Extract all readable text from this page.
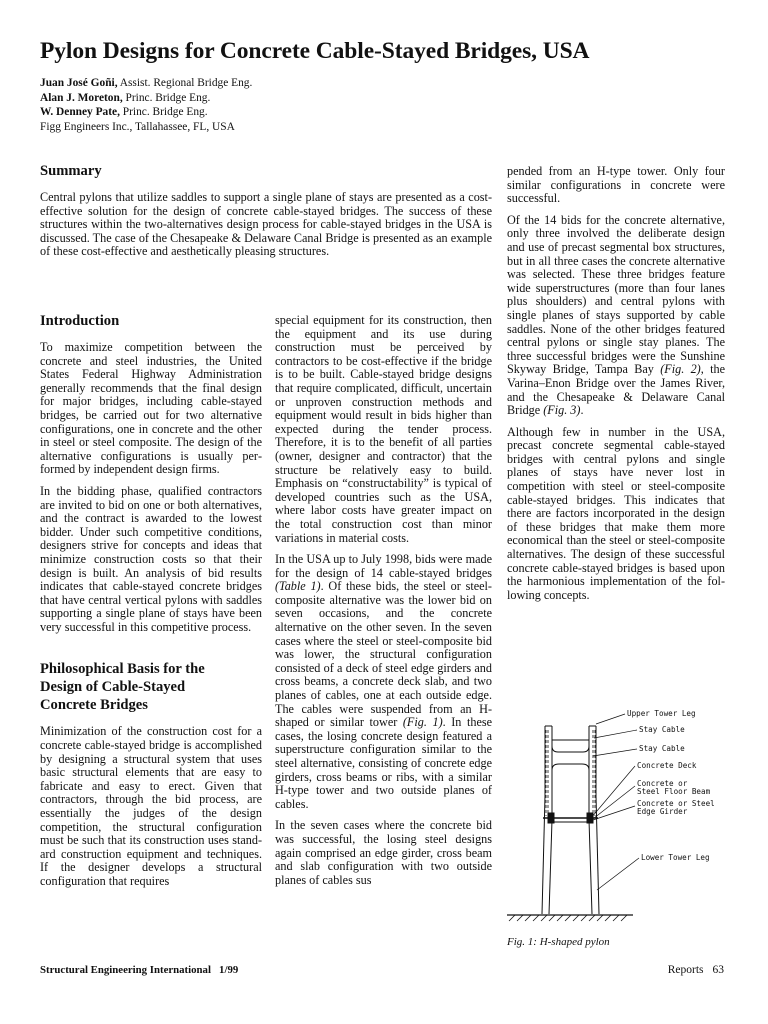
Pylon Designs for Concrete Cable-Stayed Bridges, USA
Juan José Goñi, Assist. Regional Bridge Eng.
Alan J. Moreton, Princ. Bridge Eng.
W. Denney Pate, Princ. Bridge Eng.
Figg Engineers Inc., Tallahassee, FL, USA
Summary

Central pylons that utilize saddles to support a single plane of stays are presented as a cost-effective solution for the design of concrete cable-stayed bridges. The success of these structures within the two-alternatives design process for cable-stayed bridges in the USA is discussed. The case of the Chesapeake & Delaware Canal Bridge is presented as an example of these cost-effective and aesthetically pleasing structures.

Introduction

To maximize competition between the concrete and steel industries, the United States Federal Highway Administration generally recommends that the final design for major bridges, including cable-stayed bridges, be carried out for two alternative configurations, one in concrete and the other in steel or steel composite. The design of the alternative configurations is usually performed by independent design firms.

In the bidding phase, qualified contractors are invited to bid on one or both alternatives, and the contract is awarded to the lowest bidder. Under such competitive conditions, designers strive for concepts and ideas that minimize construction costs so that their design is built. An analysis of bid results indicates that cable-stayed concrete bridges that have central vertical pylons with saddles supporting a single plane of stays have been very successful in this competitive process.

Philosophical Basis for the Design of Cable-Stayed Concrete Bridges

Minimization of the construction cost for a concrete cable-stayed bridge is accomplished by designing a structural system that uses basic structural elements that are easy to fabricate and easy to erect. Given that contractors, through the bid process, are essentially the judges of the design competition, the structural configuration must be such that its construction uses standard construction equipment and techniques. If the designer develops a structural configuration that requires

special equipment for its construction, then the equipment and its use during construction must be perceived by contractors to be cost-effective if the bridge is to be built. Cable-stayed bridge designs that require complicated, difficult, uncertain or unproven construction methods and equipment would result in bids higher than expected during the tender process. Therefore, it is to the benefit of all parties (owner, designer and contractor) that the structure be relatively easy to build. Emphasis on “constructability” is typical of developed countries such as the USA, where labor costs have greater impact on the total construction cost than minor variations in material costs.

In the USA up to July 1998, bids were made for the design of 14 cable-stayed bridges (Table 1). Of these bids, the steel or steel-composite alternative was the lower bid on seven occasions, and the concrete alternative on the other seven. In the seven cases where the steel or steel-composite bid was lower, the structural configuration consisted of a deck of steel edge girders and cross beams, a concrete deck slab, and two planes of cables, one at each outside edge. The cables were suspended from an H-shaped or similar tower (Fig. 1). In these cases, the losing concrete design featured a superstructure configuration similar to the steel alternative, consisting of concrete edge girders, cross beams or ribs, with a similar H-type tower and two outside planes of cables.

In the seven cases where the concrete bid was successful, the losing steel designs again comprised an edge girder, cross beam and slab configuration with two outside planes of cables sus

pended from an H-type tower. Only four similar configurations in concrete were successful.

Of the 14 bids for the concrete alternative, only three involved the deliberate design and use of precast segmental box structures, but in all three cases the concrete alternative was selected. These three bridges feature wide superstructures (more than four lanes plus shoulders) and central pylons with single planes of stays supported by cable saddles. None of the other bridges featured central pylons or single stay planes. The three successful bridges were the Sunshine Skyway Bridge, Tampa Bay (Fig. 2), the Varina–Enon Bridge over the James River, and the Chesapeake & Delaware Canal Bridge (Fig. 3).

Although few in number in the USA, precast concrete segmental cable-stayed bridges with central pylons and single planes of stays have never lost in competition with steel or steel-composite cable-stayed bridges. This indicates that there are factors incorporated in the design of these bridges that make them more economical than the steel or steel-composite alternatives. The design of these successful concrete cable-stayed bridges is based upon the harmonious implementation of the following concepts.

Upper Tower Leg
Stay Cable
Stay Cable
Concrete Deck
Concrete or
Steel Floor Beam
Concrete or Steel
Edge Girder
Lower Tower Leg
Fig. 1: H-shaped pylon
Structural Engineering International   1/99	Reports 63
